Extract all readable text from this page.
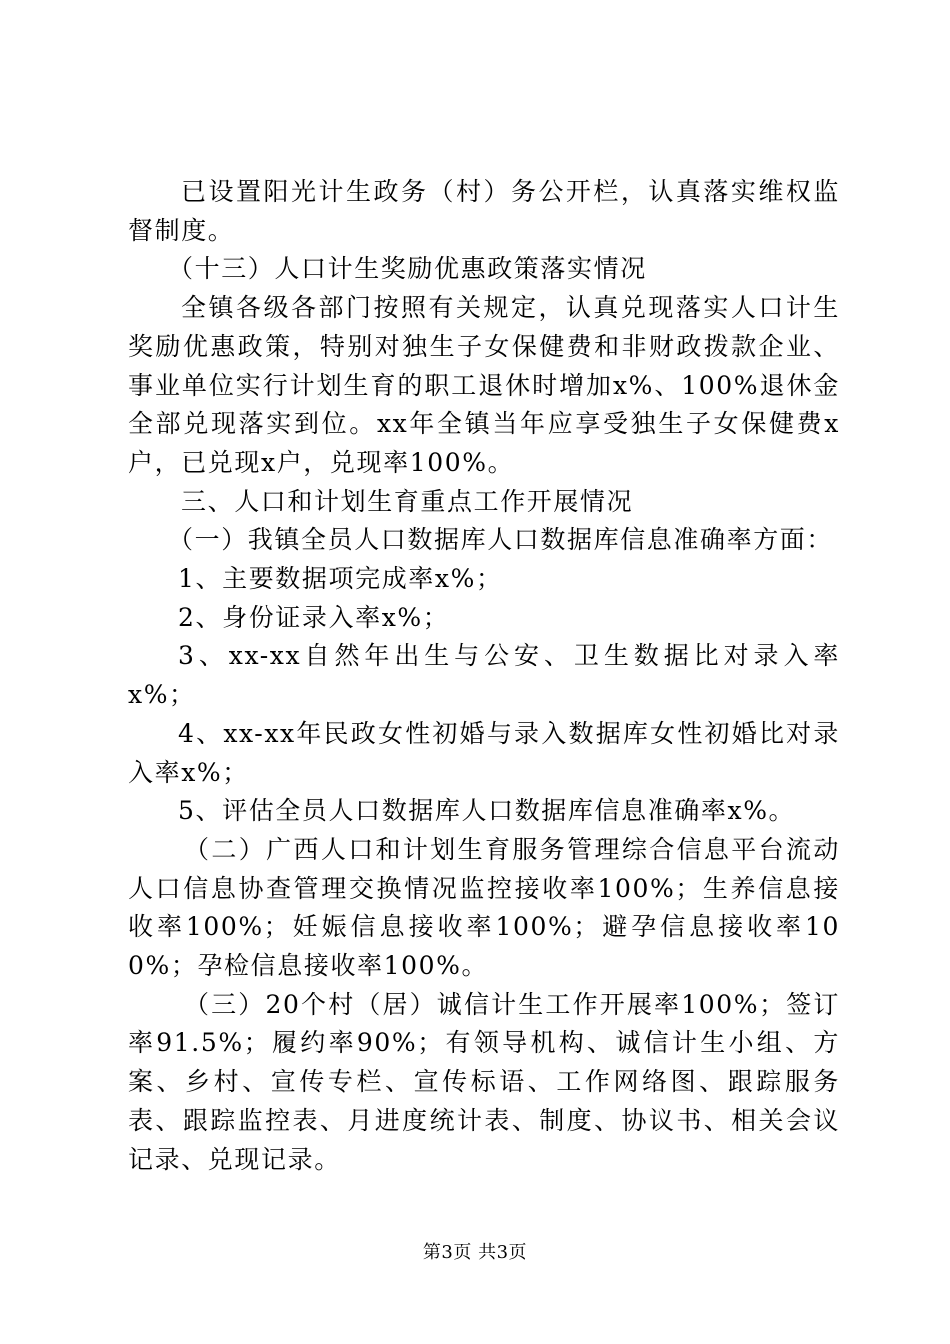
已设置阳光计生政务（村）务公开栏，认真落实维权监督制度。

（十三）人口计生奖励优惠政策落实情况

全镇各级各部门按照有关规定，认真兑现落实人口计生奖励优惠政策，特别对独生子女保健费和非财政拨款企业、事业单位实行计划生育的职工退休时增加x%、100%退休金全部兑现落实到位。xx年全镇当年应享受独生子女保健费x户，已兑现x户，兑现率100%。

三、人口和计划生育重点工作开展情况

（一）我镇全员人口数据库人口数据库信息准确率方面：

1、主要数据项完成率x%；

2、身份证录入率x%；

3、xx-xx自然年出生与公安、卫生数据比对录入率x%；

4、xx-xx年民政女性初婚与录入数据库女性初婚比对录入率x%；

5、评估全员人口数据库人口数据库信息准确率x%。

（二）广西人口和计划生育服务管理综合信息平台流动人口信息协查管理交换情况监控接收率100%；生养信息接收率100%；妊娠信息接收率100%；避孕信息接收率100%；孕检信息接收率100%。

（三）20个村（居）诚信计生工作开展率100%；签订率91.5%；履约率90%；有领导机构、诚信计生小组、方案、乡村、宣传专栏、宣传标语、工作网络图、跟踪服务表、跟踪监控表、月进度统计表、制度、协议书、相关会议记录、兑现记录。

第3页 共3页
